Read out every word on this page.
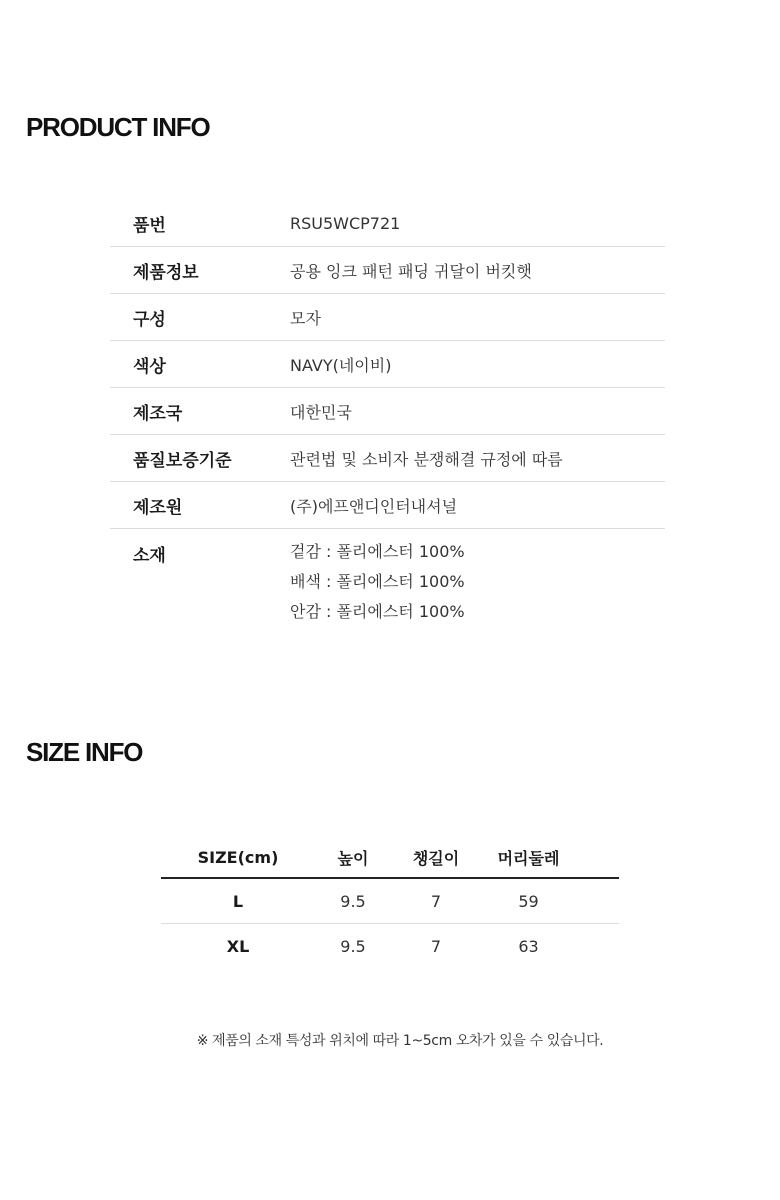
PRODUCT INFO
품번	RSU5WCP721
제품정보	공용 잉크 패턴 패딩 귀달이 버킷햇
구성	모자
색상	NAVY(네이비)
제조국	대한민국
품질보증기준	관련법 및 소비자 분쟁해결 규정에 따름
제조원	(주)에프앤디인터내셔널
소재	겉감 : 폴리에스터 100%
배색 : 폴리에스터 100%
안감 : 폴리에스터 100%
SIZE INFO
SIZE(cm)	높이	챙길이	머리둘레
L	9.5	7	59
XL	9.5	7	63

※ 제품의 소재 특성과 위치에 따라 1~5cm 오차가 있을 수 있습니다.
